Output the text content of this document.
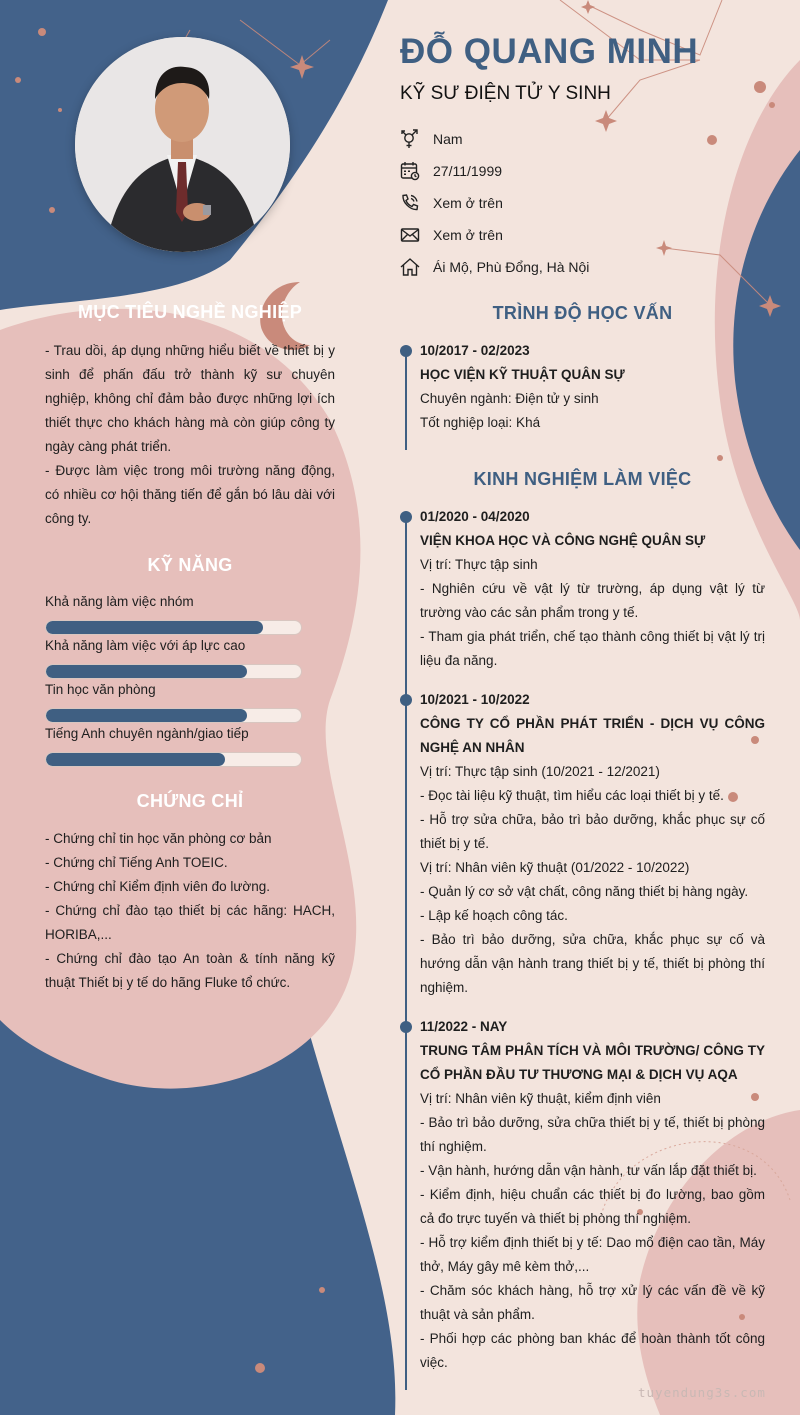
MỤC TIÊU NGHỀ NGHIỆP
- Trau dồi, áp dụng những hiểu biết về thiết bị y sinh để phấn đấu trở thành kỹ sư chuyên nghiệp, không chỉ đảm bảo được những lợi ích thiết thực cho khách hàng mà còn giúp công ty ngày càng phát triển.
- Được làm việc trong môi trường năng động, có nhiều cơ hội thăng tiến để gắn bó lâu dài với công ty.
KỸ NĂNG
Khả năng làm việc nhóm
Khả năng làm việc với áp lực cao
Tin học văn phòng
Tiếng Anh chuyên ngành/giao tiếp
CHỨNG CHỈ
- Chứng chỉ tin học văn phòng cơ bản
- Chứng chỉ Tiếng Anh TOEIC.
- Chứng chỉ Kiểm định viên đo lường.
- Chứng chỉ đào tạo thiết bị các hãng: HACH, HORIBA,...
- Chứng chỉ đào tạo An toàn & tính năng kỹ thuật Thiết bị y tế do hãng Fluke tổ chức.
ĐỖ QUANG MINH
KỸ SƯ ĐIỆN TỬ Y SINH
Nam
27/11/1999
Xem ở trên
Xem ở trên
Ái Mộ, Phù Đổng, Hà Nội
TRÌNH ĐỘ HỌC VẤN
10/2017 - 02/2023
HỌC VIỆN KỸ THUẬT QUÂN SỰ
Chuyên ngành: Điện tử y sinh
Tốt nghiệp loại: Khá
KINH NGHIỆM LÀM VIỆC
01/2020 - 04/2020
VIỆN KHOA HỌC VÀ CÔNG NGHỆ QUÂN SỰ
Vị trí: Thực tập sinh
- Nghiên cứu về vật lý từ trường, áp dụng vật lý từ trường vào các sản phẩm trong y tế.
- Tham gia phát triển, chế tạo thành công thiết bị vật lý trị liệu đa năng.
10/2021 - 10/2022
CÔNG TY CỔ PHẦN PHÁT TRIỂN - DỊCH VỤ CÔNG NGHỆ AN NHÂN
Vị trí: Thực tập sinh (10/2021 - 12/2021)
- Đọc tài liệu kỹ thuật, tìm hiểu các loại thiết bị y tế.
- Hỗ trợ sửa chữa, bảo trì bảo dưỡng, khắc phục sự cố thiết bị y tế.
Vị trí: Nhân viên kỹ thuật (01/2022 - 10/2022)
- Quản lý cơ sở vật chất, công năng thiết bị hàng ngày.
- Lập kế hoạch công tác.
- Bảo trì bảo dưỡng, sửa chữa, khắc phục sự cố và hướng dẫn vận hành trang thiết bị y tế, thiết bị phòng thí nghiệm.
11/2022 - NAY
TRUNG TÂM PHÂN TÍCH VÀ MÔI TRƯỜNG/ CÔNG TY CỔ PHẦN ĐẦU TƯ THƯƠNG MẠI & DỊCH VỤ AQA
Vị trí: Nhân viên kỹ thuật, kiểm định viên
- Bảo trì bảo dưỡng, sửa chữa thiết bị y tế, thiết bị phòng thí nghiệm.
- Vận hành, hướng dẫn vận hành, tư vấn lắp đặt thiết bị.
- Kiểm định, hiệu chuẩn các thiết bị đo lường, bao gồm cả đo trực tuyến và thiết bị phòng thí nghiệm.
- Hỗ trợ kiểm định thiết bị y tế: Dao mổ điện cao tần, Máy thở, Máy gây mê kèm thở,...
- Chăm sóc khách hàng, hỗ trợ xử lý các vấn đề về kỹ thuật và sản phẩm.
- Phối hợp các phòng ban khác để hoàn thành tốt công việc.
tuyendung3s.com
